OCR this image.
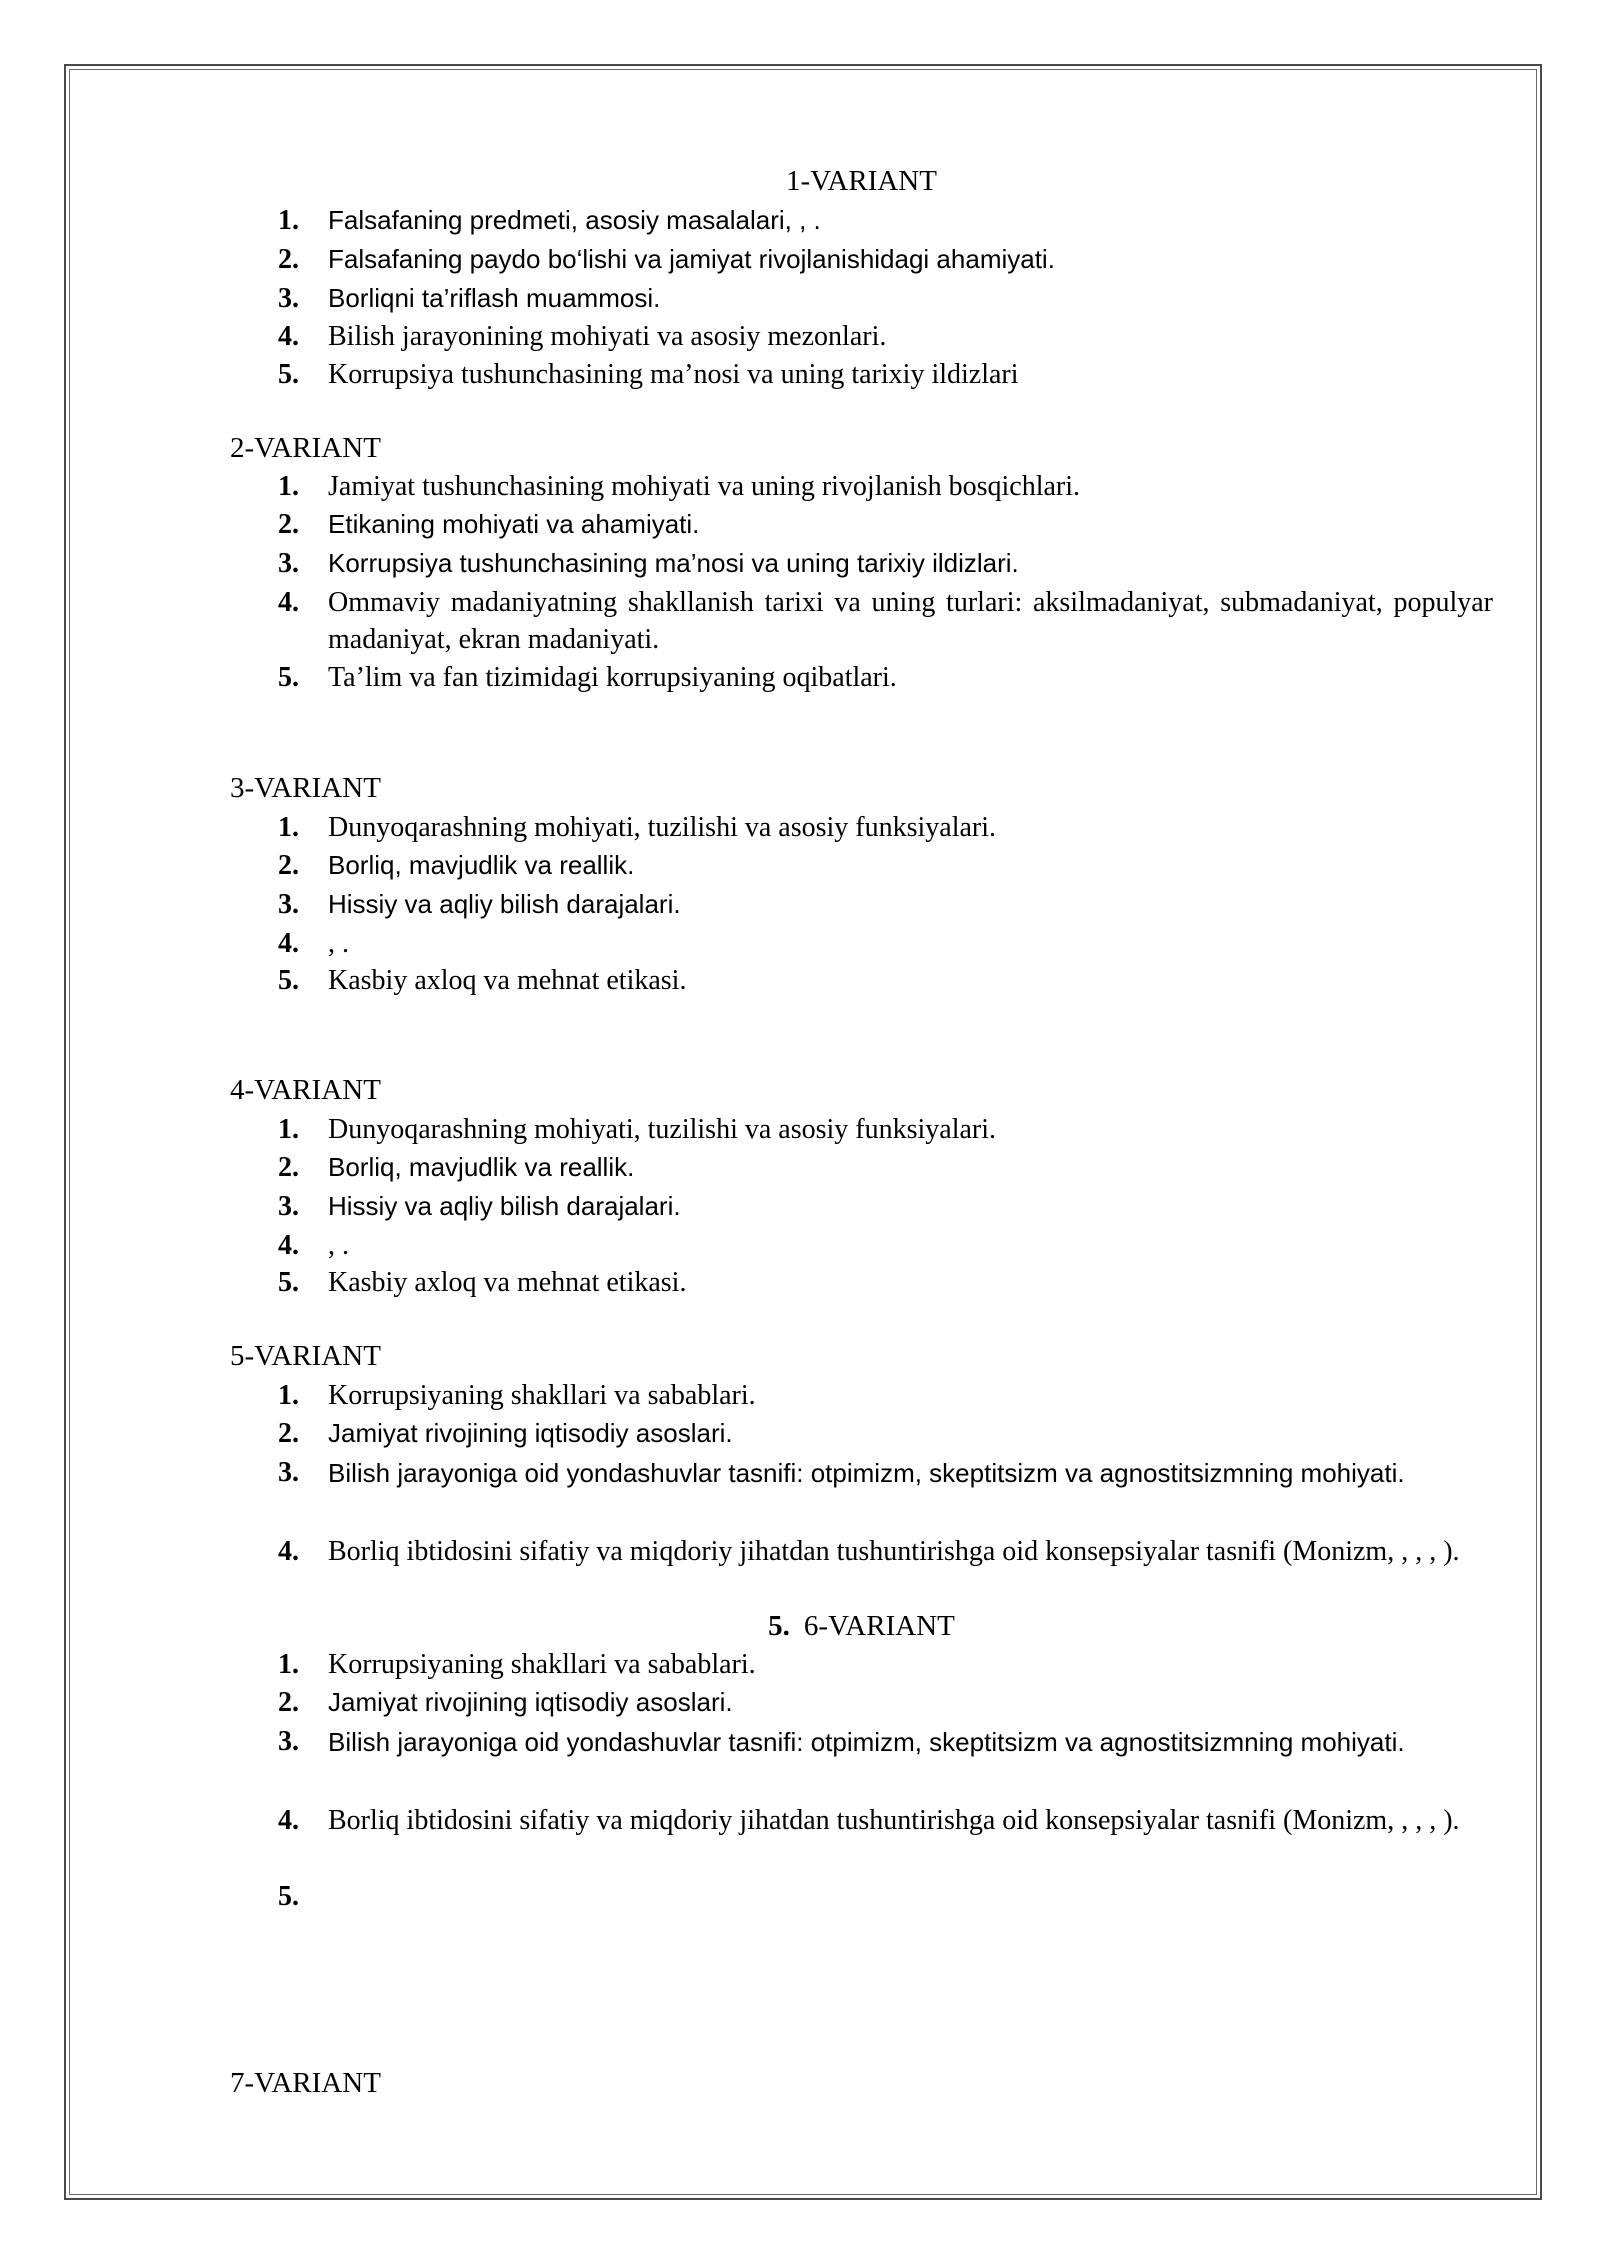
1-VARIANT
1.	Falsafaning predmeti, asosiy masalalari, , .
2.	Falsafaning paydo bo‘lishi va jamiyat rivojlanishidagi ahamiyati.
3.	Borliqni ta’riflash muammosi.
4.	Bilish jarayonining mohiyati va asosiy mezonlari.
5.	Korrupsiya tushunchasining ma’nosi va uning tarixiy ildizlari
2-VARIANT
1.	Jamiyat tushunchasining mohiyati va uning rivojlanish bosqichlari.
2.	Etikaning mohiyati va ahamiyati.
3.	Korrupsiya tushunchasining ma’nosi va uning tarixiy ildizlari.
4.	Ommaviy madaniyatning shakllanish tarixi va uning turlari: aksilmadaniyat, submadaniyat, populyar madaniyat, ekran madaniyati.
5.	Ta’lim va fan tizimidagi korrupsiyaning oqibatlari.
3-VARIANT
1.	Dunyoqarashning mohiyati, tuzilishi va asosiy funksiyalari.
2.	Borliq, mavjudlik va reallik.
3.	Hissiy va aqliy bilish darajalari.
4.	, .
5.	Kasbiy axloq va mehnat etikasi.
4-VARIANT
1.	Dunyoqarashning mohiyati, tuzilishi va asosiy funksiyalari.
2.	Borliq, mavjudlik va reallik.
3.	Hissiy va aqliy bilish darajalari.
4.	, .
5.	Kasbiy axloq va mehnat etikasi.
5-VARIANT
1.	Korrupsiyaning shakllari va sabablari.
2.	Jamiyat rivojining iqtisodiy asoslari.
3.	Bilish jarayoniga oid yondashuvlar tasnifi: otpimizm, skeptitsizm va agnostitsizmning mohiyati.
4.	Borliq ibtidosini sifatiy va miqdoriy jihatdan tushuntirishga oid konsepsiyalar tasnifi (Monizm, , , , ).
5. 6-VARIANT
1.	Korrupsiyaning shakllari va sabablari.
2.	Jamiyat rivojining iqtisodiy asoslari.
3.	Bilish jarayoniga oid yondashuvlar tasnifi: otpimizm, skeptitsizm va agnostitsizmning mohiyati.
4.	Borliq ibtidosini sifatiy va miqdoriy jihatdan tushuntirishga oid konsepsiyalar tasnifi (Monizm, , , , ).
5.
7-VARIANT
